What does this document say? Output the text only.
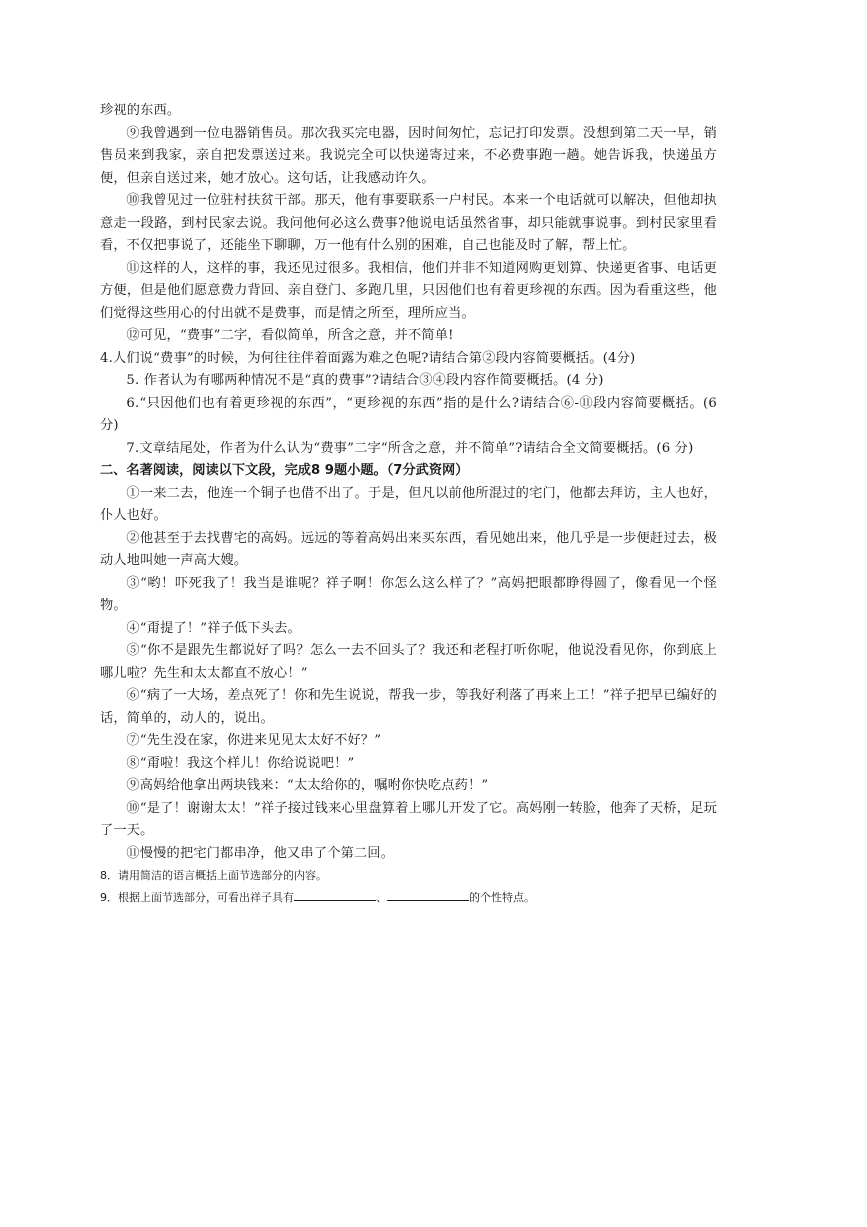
珍视的东西。

⑨我曾遇到一位电器销售员。那次我买完电器，因时间匆忙，忘记打印发票。没想到第二天一早，销售员来到我家，亲自把发票送过来。我说完全可以快递寄过来，不必费事跑一趟。她告诉我，快递虽方便，但亲自送过来，她才放心。这句话，让我感动许久。

⑩我曾见过一位驻村扶贫干部。那天，他有事要联系一户村民。本来一个电话就可以解决，但他却执意走一段路，到村民家去说。我问他何必这么费事?他说电话虽然省事，却只能就事说事。到村民家里看看，不仅把事说了，还能坐下聊聊，万一他有什么别的困难，自己也能及时了解，帮上忙。

⑪这样的人，这样的事，我还见过很多。我相信，他们并非不知道网购更划算、快递更省事、电话更方便，但是他们愿意费力背回、亲自登门、多跑几里，只因他们也有着更珍视的东西。因为看重这些，他们觉得这些用心的付出就不是费事，而是情之所至，理所应当。

⑫可见，“费事”二字，看似简单，所含之意，并不简单!

4.人们说“费事”的时候，为何往往伴着面露为难之色呢?请结合第②段内容简要概括。(4分)

5. 作者认为有哪两种情况不是“真的费事”?请结合③④段内容作简要概括。(4 分)

6.“只因他们也有着更珍视的东西”，“更珍视的东西”指的是什么?请结合⑥-⑪段内容简要概括。(6 分)

7.文章结尾处，作者为什么认为“费事”二字“所含之意，并不简单”?请结合全文简要概括。(6 分)

二、名著阅读，阅读以下文段，完成8 9题小题。（7分武资网）

①一来二去，他连一个铜子也借不出了。于是，但凡以前他所混过的宅门，他都去拜访，主人也好，仆人也好。

②他甚至于去找曹宅的高妈。远远的等着高妈出来买东西，看见她出来，他几乎是一步便赶过去，极动人地叫她一声高大嫂。

③“哟！吓死我了！我当是谁呢？祥子啊！你怎么这么样了？”高妈把眼都睁得圆了，像看见一个怪物。

④“甭提了！”祥子低下头去。

⑤“你不是跟先生都说好了吗？怎么一去不回头了？我还和老程打听你呢，他说没看见你，你到底上哪儿啦？先生和太太都直不放心！”

⑥“病了一大场，差点死了！你和先生说说，帮我一步，等我好利落了再来上工！”祥子把早已编好的话，简单的，动人的，说出。

⑦“先生没在家，你进来见见太太好不好？”

⑧“甭啦！我这个样儿！你给说说吧！”

⑨高妈给他拿出两块钱来：“太太给你的，嘱咐你快吃点药！”

⑩“是了！谢谢太太！”祥子接过钱来心里盘算着上哪儿开发了它。高妈刚一转脸，他奔了天桥，足玩了一天。

⑪慢慢的把宅门都串净，他又串了个第二回。

8．请用简洁的语言概括上面节选部分的内容。

9．根据上面节选部分，可看出祥子具有	、	的个性特点。
